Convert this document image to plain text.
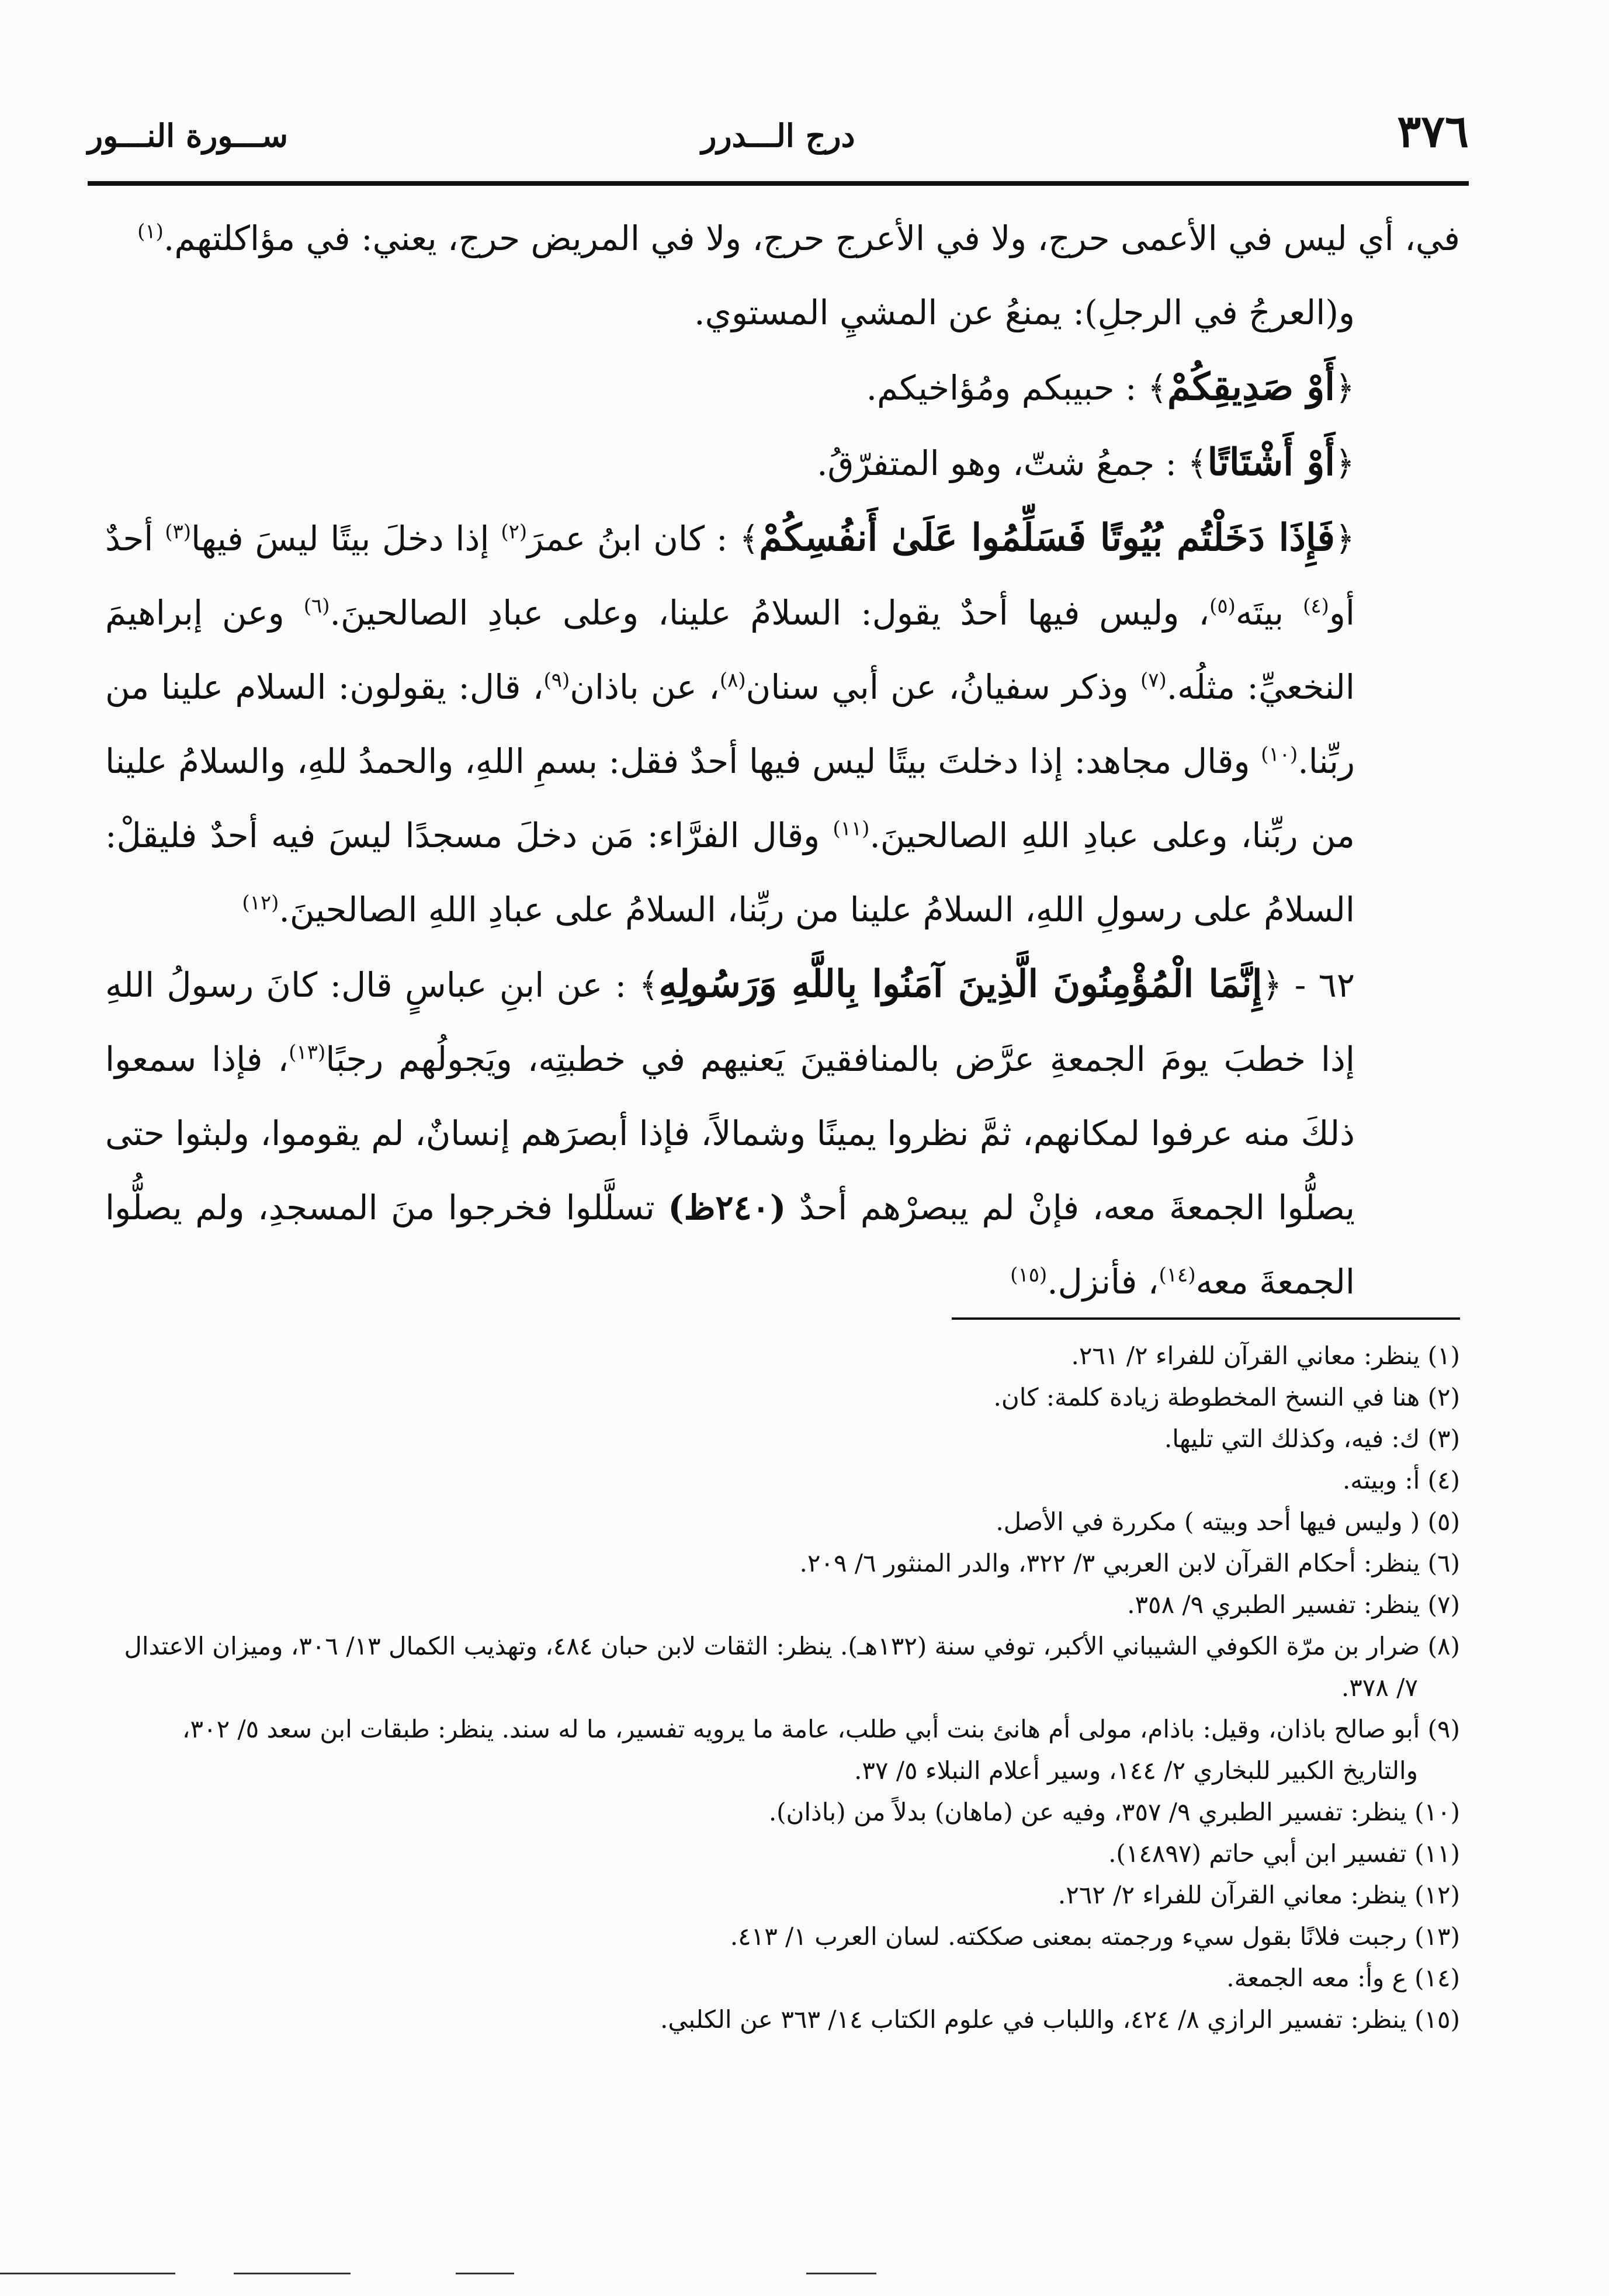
٣٧٦
درج الـــدرر
ســـورة النـــور

في، أي ليس في الأعمى حرج، ولا في الأعرج حرج، ولا في المريض حرج، يعني: في مؤاكلتهم.$^{(١)}$

و(العرجُ في الرجلِ): يمنعُ عن المشيِ المستوي.

﴿أَوْ صَدِيقِكُمْ﴾ : حبيبكم ومُؤاخيكم.

﴿أَوْ أَشْتَاتًا﴾ : جمعُ شتّ، وهو المتفرّقُ.

﴿فَإِذَا دَخَلْتُم بُيُوتًا فَسَلِّمُوا عَلَىٰ أَنفُسِكُمْ﴾ : كان ابنُ عمرَ$^{(٢)}$ إذا دخلَ بيتًا ليسَ فيها$^{(٣)}$ أحدٌ أو$^{(٤)}$ بيتَه$^{(٥)}$، وليس فيها أحدٌ يقول: السلامُ علينا، وعلى عبادِ الصالحينَ.$^{(٦)}$ وعن إبراهيمَ النخعيِّ: مثلُه.$^{(٧)}$ وذكر سفيانُ، عن أبي سنان$^{(٨)}$، عن باذان$^{(٩)}$، قال: يقولون: السلام علينا من ربِّنا.$^{(١٠)}$ وقال مجاهد: إذا دخلتَ بيتًا ليس فيها أحدٌ فقل: بسمِ اللهِ، والحمدُ للهِ، والسلامُ علينا من ربِّنا، وعلى عبادِ اللهِ الصالحينَ.$^{(١١)}$ وقال الفرَّاء: مَن دخلَ مسجدًا ليسَ فيه أحدٌ فليقلْ: السلامُ على رسولِ اللهِ، السلامُ علينا من ربِّنا، السلامُ على عبادِ اللهِ الصالحينَ.$^{(١٢)}$

٦٢ - ﴿إِنَّمَا الْمُؤْمِنُونَ الَّذِينَ آمَنُوا بِاللَّهِ وَرَسُولِهِ﴾ : عن ابنِ عباسٍ قال: كانَ رسولُ اللهِ إذا خطبَ يومَ الجمعةِ عرَّض بالمنافقينَ يَعنيهم في خطبتِه، ويَجولُهم رجبًا$^{(١٣)}$، فإذا سمعوا ذلكَ منه عرفوا لمكانهم، ثمَّ نظروا يمينًا وشمالاً، فإذا أبصرَهم إنسانٌ، لم يقوموا، ولبثوا حتى يصلُّوا الجمعةَ معه، فإنْ لم يبصرْهم أحدٌ (٢٤٠ظ) تسلَّلوا فخرجوا منَ المسجدِ، ولم يصلُّوا الجمعةَ معه$^{(١٤)}$، فأنزل.$^{(١٥)}$

(١) ينظر: معاني القرآن للفراء ٢/ ٢٦١.

(٢) هنا في النسخ المخطوطة زيادة كلمة: كان.

(٣) ك: فيه، وكذلك التي تليها.

(٤) أ: وبيته.

(٥) ( وليس فيها أحد وبيته ) مكررة في الأصل.

(٦) ينظر: أحكام القرآن لابن العربي ٣/ ٣٢٢، والدر المنثور ٦/ ٢٠٩.

(٧) ينظر: تفسير الطبري ٩/ ٣٥٨.

(٨) ضرار بن مرّة الكوفي الشيباني الأكبر، توفي سنة (١٣٢هـ). ينظر: الثقات لابن حبان ٤٨٤، وتهذيب الكمال ١٣/ ٣٠٦، وميزان الاعتدال ٧/ ٣٧٨.

(٩) أبو صالح باذان، وقيل: باذام، مولى أم هانئ بنت أبي طلب، عامة ما يرويه تفسير، ما له سند. ينظر: طبقات ابن سعد ٥/ ٣٠٢، والتاريخ الكبير للبخاري ٢/ ١٤٤، وسير أعلام النبلاء ٥/ ٣٧.

(١٠) ينظر: تفسير الطبري ٩/ ٣٥٧، وفيه عن (ماهان) بدلاً من (باذان).

(١١) تفسير ابن أبي حاتم (١٤٨٩٧).

(١٢) ينظر: معاني القرآن للفراء ٢/ ٢٦٢.

(١٣) رجبت فلانًا بقول سيء ورجمته بمعنى صككته. لسان العرب ١/ ٤١٣.

(١٤) ع وأ: معه الجمعة.

(١٥) ينظر: تفسير الرازي ٨/ ٤٢٤، واللباب في علوم الكتاب ١٤/ ٣٦٣ عن الكلبي.
